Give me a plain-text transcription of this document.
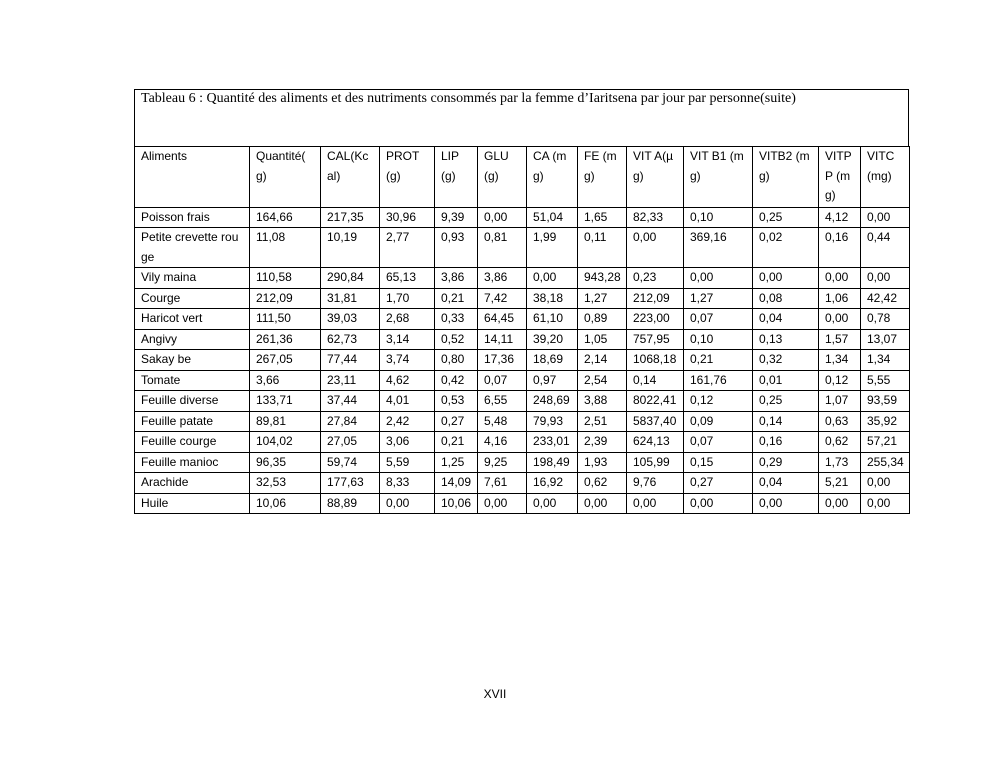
Tableau 6 : Quantité des aliments et des nutriments consommés par la femme d’Iaritsena par jour par personne(suite)
Aliments	Quantité( g)	CAL(Kc al)	PROT (g)	LIP (g)	GLU (g)	CA (mg)	FE (mg)	VIT A(µg)	VIT B1 (mg)	VITB2 (mg)	VITP P (mg)	VITC (mg)
Poisson frais	164,66	217,35	30,96	9,39	0,00	51,04	1,65	82,33	0,10	0,25	4,12	0,00
Petite crevette rouge	11,08	10,19	2,77	0,93	0,81	1,99	0,11	0,00	369,16	0,02	0,16	0,44
Vily maina	110,58	290,84	65,13	3,86	3,86	0,00	943,28	0,23	0,00	0,00	0,00	0,00
Courge	212,09	31,81	1,70	0,21	7,42	38,18	1,27	212,09	1,27	0,08	1,06	42,42
Haricot vert	111,50	39,03	2,68	0,33	64,45	61,10	0,89	223,00	0,07	0,04	0,00	0,78
Angivy	261,36	62,73	3,14	0,52	14,11	39,20	1,05	757,95	0,10	0,13	1,57	13,07
Sakay be	267,05	77,44	3,74	0,80	17,36	18,69	2,14	1068,18	0,21	0,32	1,34	1,34
Tomate	3,66	23,11	4,62	0,42	0,07	0,97	2,54	0,14	161,76	0,01	0,12	5,55
Feuille diverse	133,71	37,44	4,01	0,53	6,55	248,69	3,88	8022,41	0,12	0,25	1,07	93,59
Feuille patate	89,81	27,84	2,42	0,27	5,48	79,93	2,51	5837,40	0,09	0,14	0,63	35,92
Feuille courge	104,02	27,05	3,06	0,21	4,16	233,01	2,39	624,13	0,07	0,16	0,62	57,21
Feuille manioc	96,35	59,74	5,59	1,25	9,25	198,49	1,93	105,99	0,15	0,29	1,73	255,34
Arachide	32,53	177,63	8,33	14,09	7,61	16,92	0,62	9,76	0,27	0,04	5,21	0,00
Huile	10,06	88,89	0,00	10,06	0,00	0,00	0,00	0,00	0,00	0,00	0,00	0,00
XVII
